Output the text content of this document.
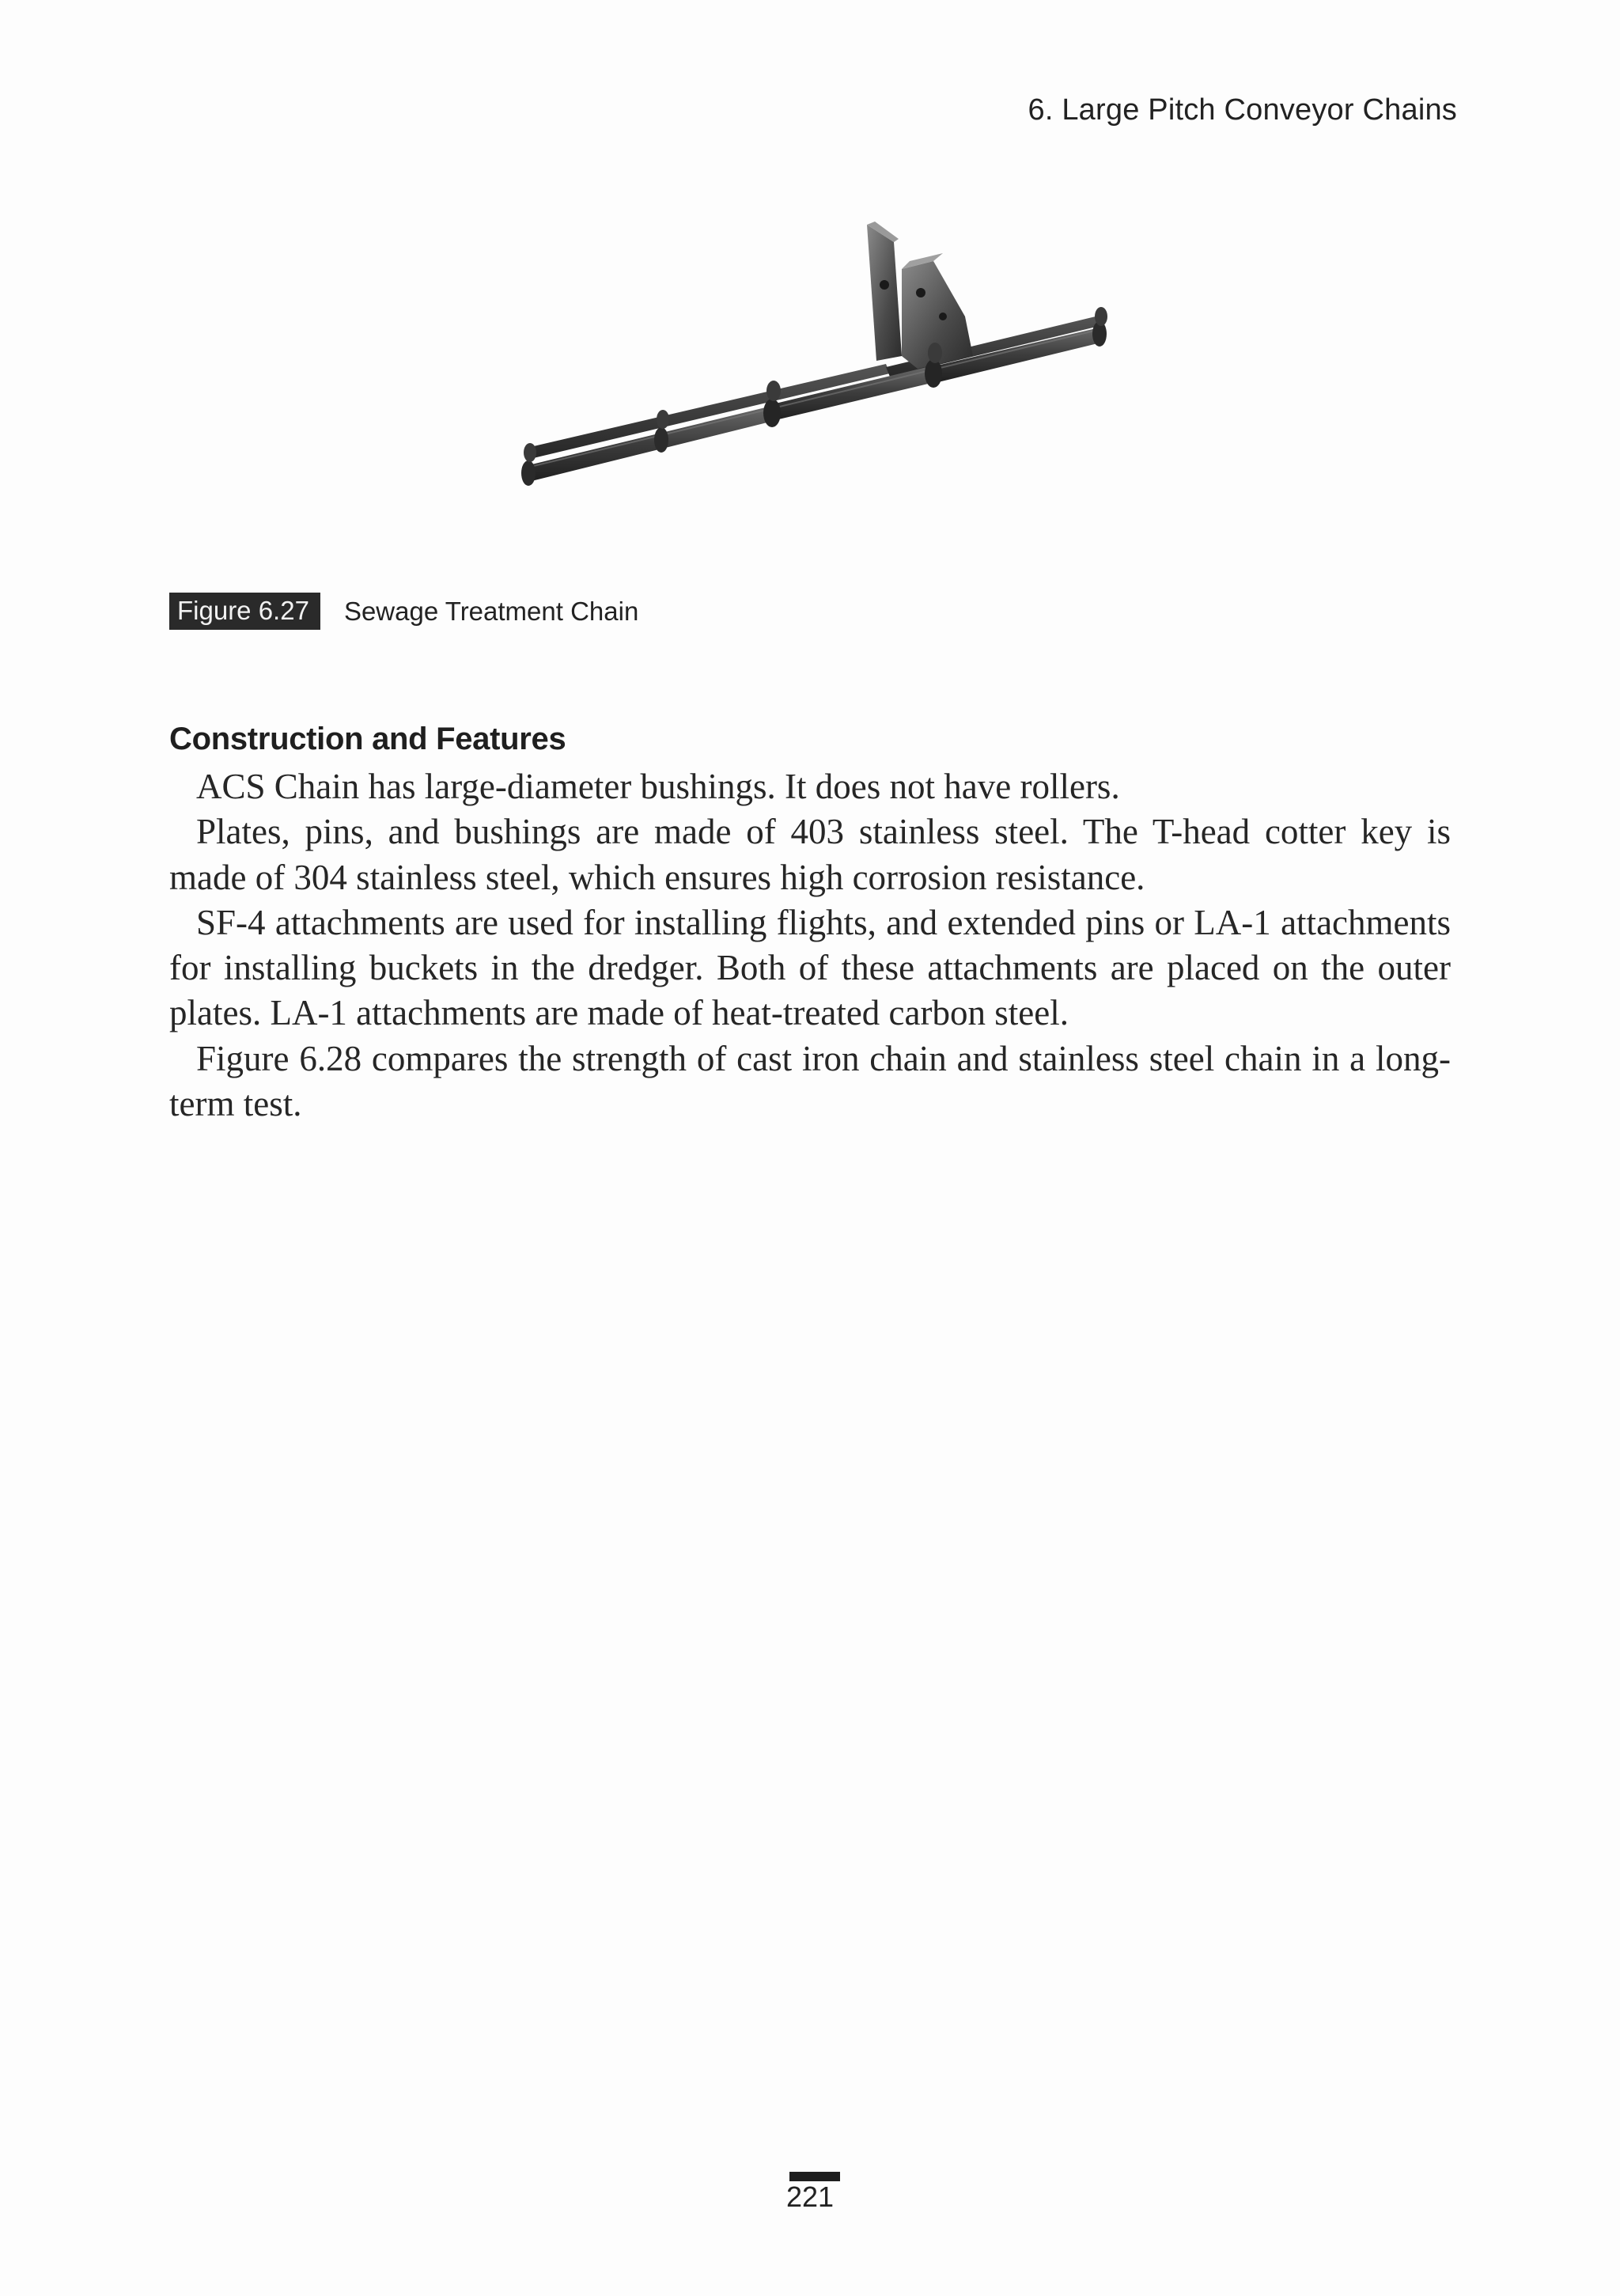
6. Large Pitch Conveyor Chains
Figure 6.27	Sewage Treatment Chain
Construction and Features

ACS Chain has large-diameter bushings. It does not have rollers.

Plates, pins, and bushings are made of 403 stainless steel. The T-head cotter key is made of 304 stainless steel, which ensures high corrosion resistance.

SF-4 attachments are used for installing flights, and extended pins or LA-1 attachments for installing buckets in the dredger. Both of these attachments are placed on the outer plates. LA-1 attachments are made of heat-treated carbon steel.

Figure 6.28 compares the strength of cast iron chain and stainless steel chain in a long-term test.

221
